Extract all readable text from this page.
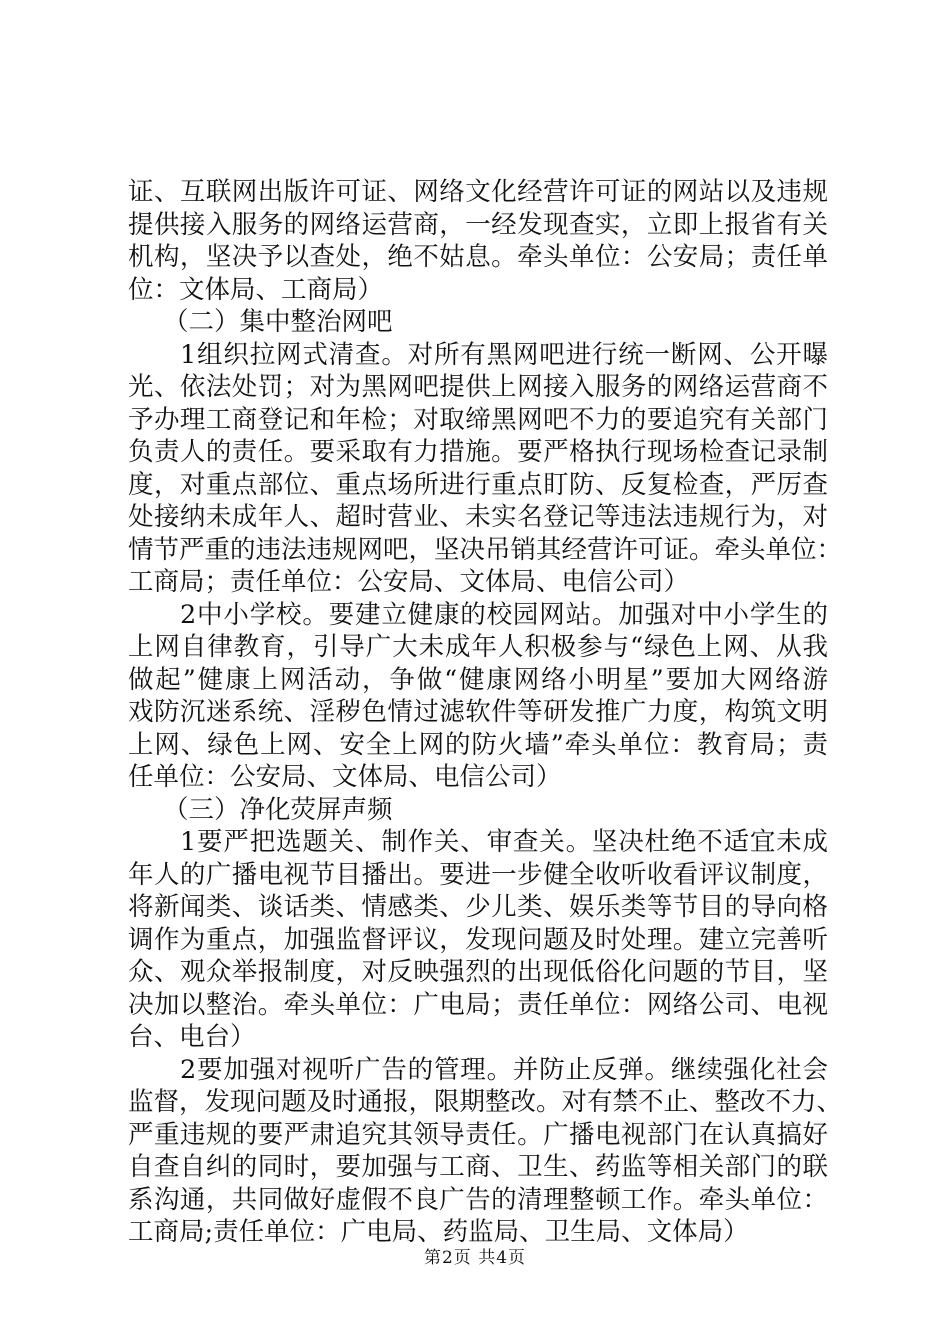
证、互联网出版许可证、网络文化经营许可证的网站以及违规
提供接入服务的网络运营商，一经发现查实，立即上报省有关
机构，坚决予以查处，绝不姑息。牵头单位：公安局；责任单
位：文体局、工商局）
（二）集中整治网吧
1组织拉网式清查。对所有黑网吧进行统一断网、公开曝
光、依法处罚；对为黑网吧提供上网接入服务的网络运营商不
予办理工商登记和年检；对取缔黑网吧不力的要追究有关部门
负责人的责任。要采取有力措施。要严格执行现场检查记录制
度，对重点部位、重点场所进行重点盯防、反复检查，严厉查
处接纳未成年人、超时营业、未实名登记等违法违规行为，对
情节严重的违法违规网吧，坚决吊销其经营许可证。牵头单位：
工商局；责任单位：公安局、文体局、电信公司）
2中小学校。要建立健康的校园网站。加强对中小学生的
上网自律教育，引导广大未成年人积极参与“绿色上网、从我
做起”健康上网活动，争做“健康网络小明星”要加大网络游
戏防沉迷系统、淫秽色情过滤软件等研发推广力度，构筑文明
上网、绿色上网、安全上网的防火墙”牵头单位：教育局；责
任单位：公安局、文体局、电信公司）
（三）净化荧屏声频
1要严把选题关、制作关、审查关。坚决杜绝不适宜未成
年人的广播电视节目播出。要进一步健全收听收看评议制度，
将新闻类、谈话类、情感类、少儿类、娱乐类等节目的导向格
调作为重点，加强监督评议，发现问题及时处理。建立完善听
众、观众举报制度，对反映强烈的出现低俗化问题的节目，坚
决加以整治。牵头单位：广电局；责任单位：网络公司、电视
台、电台）
2要加强对视听广告的管理。并防止反弹。继续强化社会
监督，发现问题及时通报，限期整改。对有禁不止、整改不力、
严重违规的要严肃追究其领导责任。广播电视部门在认真搞好
自查自纠的同时，要加强与工商、卫生、药监等相关部门的联
系沟通，共同做好虚假不良广告的清理整顿工作。牵头单位：
工商局;责任单位：广电局、药监局、卫生局、文体局）
第2页 共4页
